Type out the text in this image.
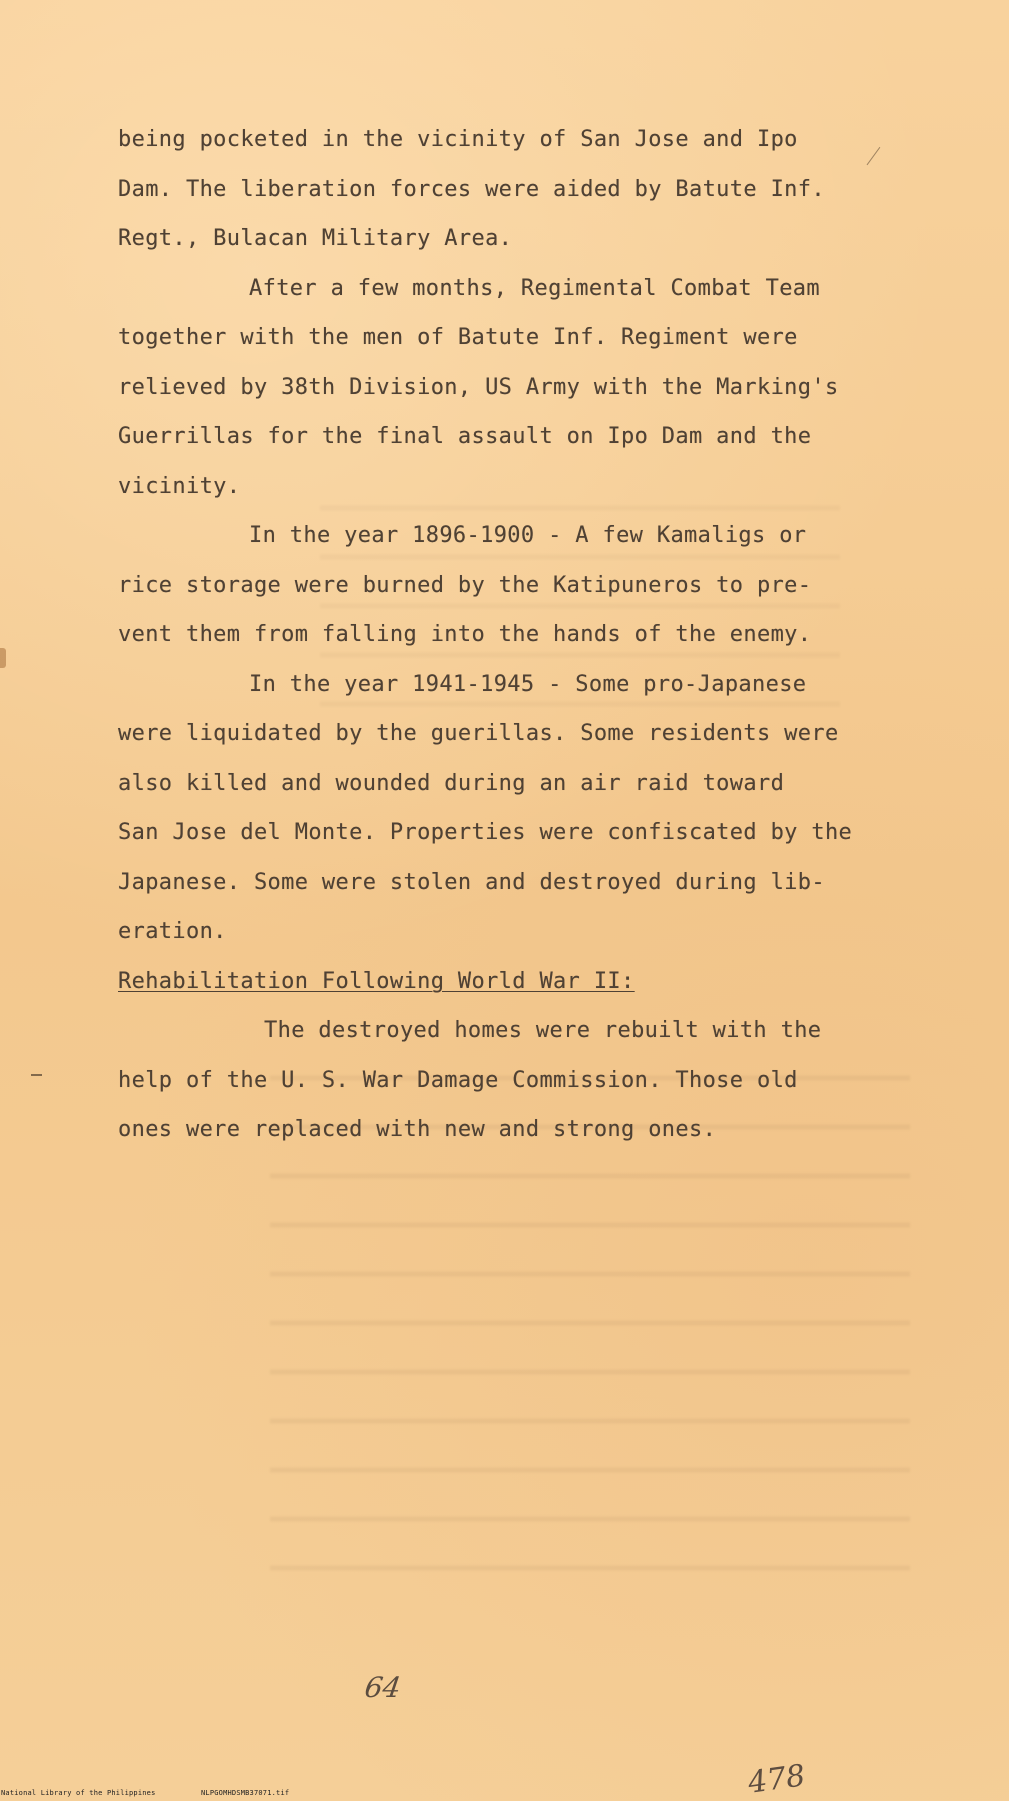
being pocketed in the vicinity of San Jose and Ipo
Dam. The liberation forces were aided by Batute Inf.
Regt., Bulacan Military Area.
After a few months, Regimental Combat Team
together with the men of Batute Inf. Regiment were
relieved by 38th Division, US Army with the Marking's
Guerrillas for the final assault on Ipo Dam and the
vicinity.
In the year 1896-1900 - A few Kamaligs or
rice storage were burned by the Katipuneros to pre-
vent them from falling into the hands of the enemy.
In the year 1941-1945 - Some pro-Japanese
were liquidated by the guerillas. Some residents were
also killed and wounded during an air raid toward
San Jose del Monte. Properties were confiscated by the
Japanese. Some were stolen and destroyed during lib-
eration.
Rehabilitation Following World War II:
The destroyed homes were rebuilt with the
help of the U. S. War Damage Commission. Those old
ones were replaced with new and strong ones.
64
478
National Library of the Philippines	NLPGOMHDSMB37071.tif
